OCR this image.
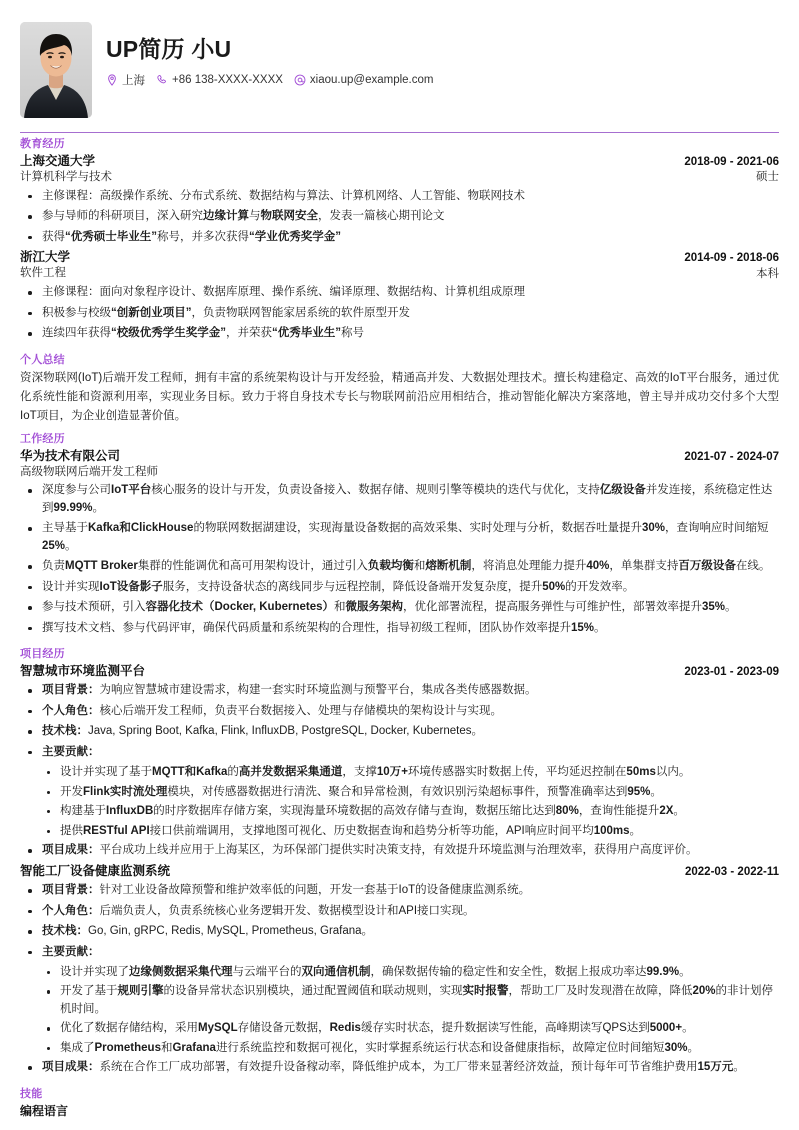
UP简历 小U
上海 +86 138-XXXX-XXXX xiaou.up@example.com
教育经历
上海交通大学
计算机科学与技术
2018-09 - 2021-06
硕士
主修课程：高级操作系统、分布式系统、数据结构与算法、计算机网络、人工智能、物联网技术
参与导师的科研项目，深入研究边缘计算与物联网安全，发表一篇核心期刊论文
获得“优秀硕士毕业生”称号，并多次获得“学业优秀奖学金”
浙江大学
软件工程
2014-09 - 2018-06
本科
主修课程：面向对象程序设计、数据库原理、操作系统、编译原理、数据结构、计算机组成原理
积极参与校级“创新创业项目”，负责物联网智能家居系统的软件原型开发
连续四年获得“校级优秀学生奖学金”，并荣获“优秀毕业生”称号
个人总结
资深物联网(IoT)后端开发工程师，拥有丰富的系统架构设计与开发经验，精通高并发、大数据处理技术。擅长构建稳定、高效的IoT平台服务，通过优化系统性能和资源利用率，实现业务目标。致力于将自身技术专长与物联网前沿应用相结合，推动智能化解决方案落地，曾主导并成功交付多个大型IoT项目，为企业创造显著价值。
工作经历
华为技术有限公司
高级物联网后端开发工程师
2021-07 - 2024-07
深度参与公司IoT平台核心服务的设计与开发，负责设备接入、数据存储、规则引擎等模块的迭代与优化，支持亿级设备并发连接，系统稳定性达到99.99%。
主导基于Kafka和ClickHouse的物联网数据湖建设，实现海量设备数据的高效采集、实时处理与分析，数据吞吐量提升30%，查询响应时间缩短25%。
负责MQTT Broker集群的性能调优和高可用架构设计，通过引入负载均衡和熔断机制，将消息处理能力提升40%，单集群支持百万级设备在线。
设计并实现IoT设备影子服务，支持设备状态的离线同步与远程控制，降低设备端开发复杂度，提升50%的开发效率。
参与技术预研，引入容器化技术（Docker, Kubernetes）和微服务架构，优化部署流程，提高服务弹性与可维护性，部署效率提升35%。
撰写技术文档、参与代码评审，确保代码质量和系统架构的合理性，指导初级工程师，团队协作效率提升15%。
项目经历
智慧城市环境监测平台	2023-01 - 2023-09
项目背景：为响应智慧城市建设需求，构建一套实时环境监测与预警平台，集成各类传感器数据。
个人角色：核心后端开发工程师，负责平台数据接入、处理与存储模块的架构设计与实现。
技术栈：Java, Spring Boot, Kafka, Flink, InfluxDB, PostgreSQL, Docker, Kubernetes。
主要贡献：
设计并实现了基于MQTT和Kafka的高并发数据采集通道，支撑10万+环境传感器实时数据上传，平均延迟控制在50ms以内。
开发Flink实时流处理模块，对传感器数据进行清洗、聚合和异常检测，有效识别污染超标事件，预警准确率达到95%。
构建基于InfluxDB的时序数据库存储方案，实现海量环境数据的高效存储与查询，数据压缩比达到80%，查询性能提升2X。
提供RESTful API接口供前端调用，支撑地图可视化、历史数据查询和趋势分析等功能，API响应时间平均100ms。
项目成果：平台成功上线并应用于上海某区，为环保部门提供实时决策支持，有效提升环境监测与治理效率，获得用户高度评价。
智能工厂设备健康监测系统	2022-03 - 2022-11
项目背景：针对工业设备故障预警和维护效率低的问题，开发一套基于IoT的设备健康监测系统。
个人角色：后端负责人，负责系统核心业务逻辑开发、数据模型设计和API接口实现。
技术栈：Go, Gin, gRPC, Redis, MySQL, Prometheus, Grafana。
主要贡献：
设计并实现了边缘侧数据采集代理与云端平台的双向通信机制，确保数据传输的稳定性和安全性，数据上报成功率达99.9%。
开发了基于规则引擎的设备异常状态识别模块，通过配置阈值和联动规则，实现实时报警，帮助工厂及时发现潜在故障，降低20%的非计划停机时间。
优化了数据存储结构，采用MySQL存储设备元数据，Redis缓存实时状态，提升数据读写性能，高峰期读写QPS达到5000+。
集成了Prometheus和Grafana进行系统监控和数据可视化，实时掌握系统运行状态和设备健康指标，故障定位时间缩短30%。
项目成果：系统在合作工厂成功部署，有效提升设备稼动率，降低维护成本，为工厂带来显著经济效益，预计每年可节省维护费用15万元。
技能
编程语言
